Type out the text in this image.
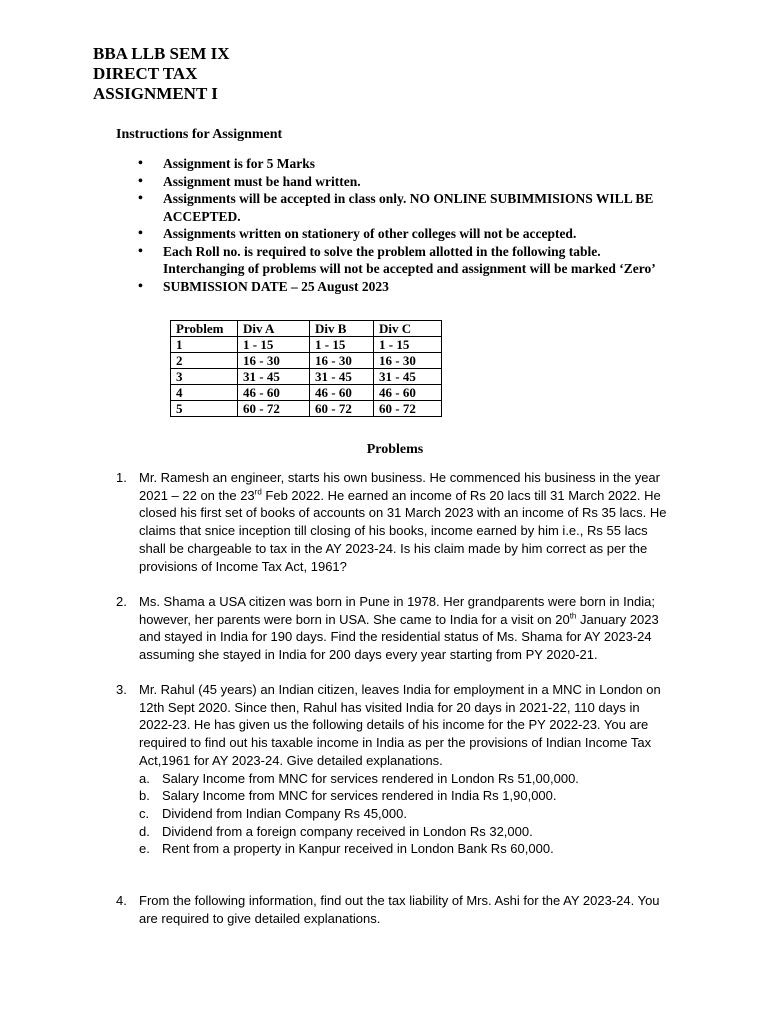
BBA LLB SEM IX
DIRECT TAX
ASSIGNMENT I
Instructions for Assignment
• Assignment is for 5 Marks
• Assignment must be hand written.
• Assignments will be accepted in class only. NO ONLINE SUBIMMISIONS WILL BE ACCEPTED.
• Assignments written on stationery of other colleges will not be accepted.
• Each Roll no. is required to solve the problem allotted in the following table. Interchanging of problems will not be accepted and assignment will be marked ‘Zero’
• SUBMISSION DATE – 25 August 2023
Problem	Div A	Div B	Div C
1	1 - 15	1 - 15	1 - 15
2	16 - 30	16 - 30	16 - 30
3	31 - 45	31 - 45	31 - 45
4	46 - 60	46 - 60	46 - 60
5	60 - 72	60 - 72	60 - 72
Problems
1. Mr. Ramesh an engineer, starts his own business. He commenced his business in the year 2021 – 22 on the 23rd Feb 2022. He earned an income of Rs 20 lacs till 31 March 2022. He closed his first set of books of accounts on 31 March 2023 with an income of Rs 35 lacs. He claims that snice inception till closing of his books, income earned by him i.e., Rs 55 lacs shall be chargeable to tax in the AY 2023-24. Is his claim made by him correct as per the provisions of Income Tax Act, 1961?
2. Ms. Shama a USA citizen was born in Pune in 1978. Her grandparents were born in India; however, her parents were born in USA. She came to India for a visit on 20th January 2023 and stayed in India for 190 days. Find the residential status of Ms. Shama for AY 2023-24 assuming she stayed in India for 200 days every year starting from PY 2020-21.
3. Mr. Rahul (45 years) an Indian citizen, leaves India for employment in a MNC in London on 12th Sept 2020. Since then, Rahul has visited India for 20 days in 2021-22, 110 days in 2022-23. He has given us the following details of his income for the PY 2022-23. You are required to find out his taxable income in India as per the provisions of Indian Income Tax Act,1961 for AY 2023-24. Give detailed explanations.
a. Salary Income from MNC for services rendered in London Rs 51,00,000.
b. Salary Income from MNC for services rendered in India Rs 1,90,000.
c. Dividend from Indian Company Rs 45,000.
d. Dividend from a foreign company received in London Rs 32,000.
e. Rent from a property in Kanpur received in London Bank Rs 60,000.
4. From the following information, find out the tax liability of Mrs. Ashi for the AY 2023-24. You are required to give detailed explanations.
